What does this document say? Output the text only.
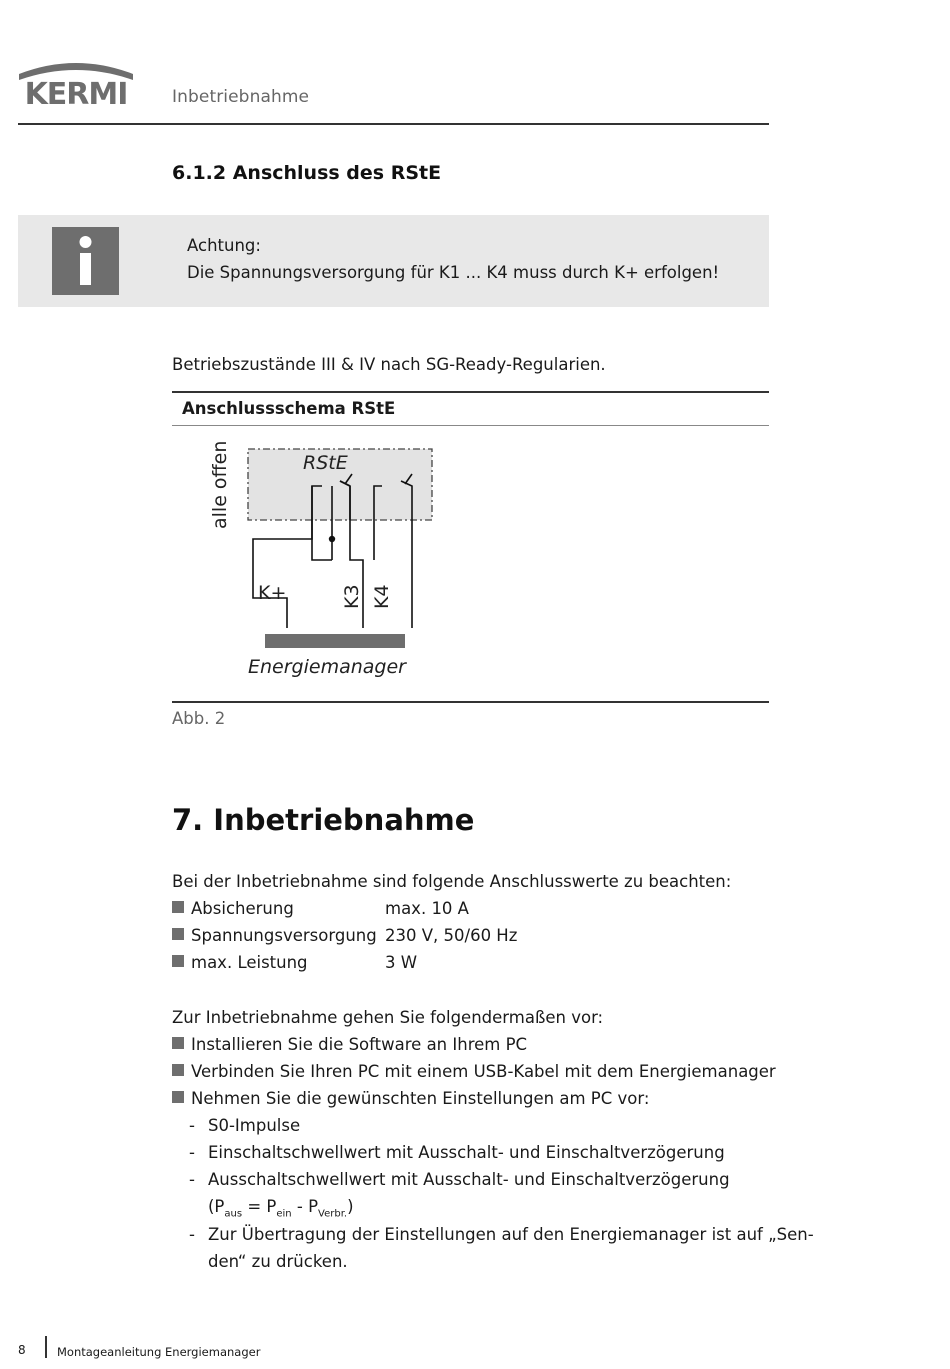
KERMI	Inbetriebnahme
6.1.2 Anschluss des RStE
Achtung:
Die Spannungsversorgung für K1 ... K4 muss durch K+ erfolgen!
Betriebszustände III & IV nach SG-Ready-Regularien.
Anschlussschema RStE
RStE
alle offen
K+	K3 K4
Energiemanager
Abb. 2
7. Inbetriebnahme
Bei der Inbetriebnahme sind folgende Anschlusswerte zu beachten:
Absicherung	max. 10 A
Spannungsversorgung 230 V, 50/60 Hz
max. Leistung	3 W
Zur Inbetriebnahme gehen Sie folgendermaßen vor:
Installieren Sie die Software an Ihrem PC
Verbinden Sie Ihren PC mit einem USB-Kabel mit dem Energiemanager
Nehmen Sie die gewünschten Einstellungen am PC vor:
- S0-Impulse
- Einschaltschwellwert mit Ausschalt- und Einschaltverzögerung
- Ausschaltschwellwert mit Ausschalt- und Einschaltverzögerung
$(P_{aus} = P_{ein} - P_{Verbr.})$
- Zur Übertragung der Einstellungen auf den Energiemanager ist auf „Sen-
den“ zu drücken.
8	Montageanleitung Energiemanager
